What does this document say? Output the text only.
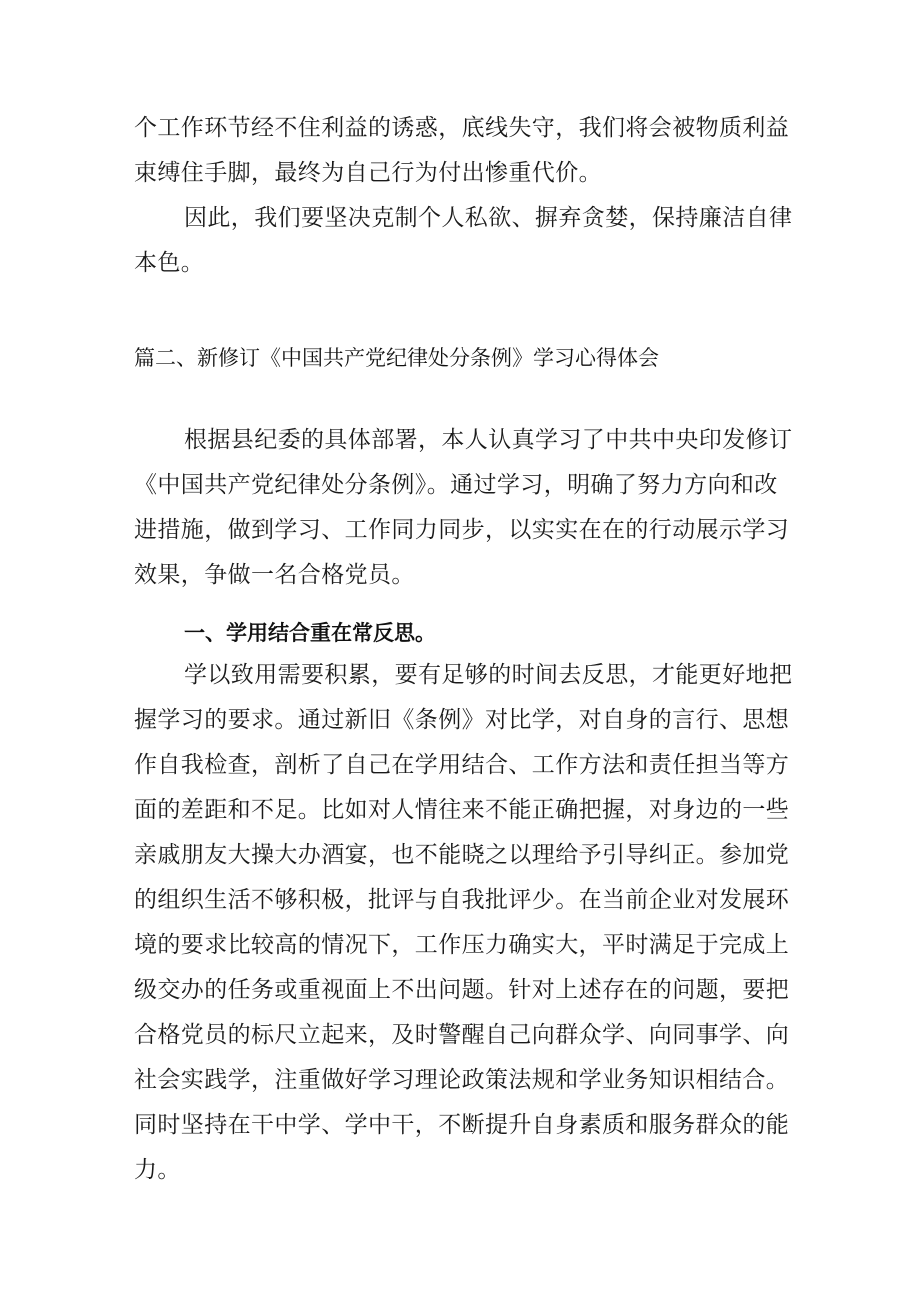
个工作环节经不住利益的诱惑，底线失守，我们将会被物质利益
束缚住手脚，最终为自己行为付出惨重代价。

因此，我们要坚决克制个人私欲、摒弃贪婪，保持廉洁自律
本色。

篇二、新修订《中国共产党纪律处分条例》学习心得体会

根据县纪委的具体部署，本人认真学习了中共中央印发修订
《中国共产党纪律处分条例》。通过学习，明确了努力方向和改
进措施，做到学习、工作同力同步，以实实在在的行动展示学习
效果，争做一名合格党员。

一、学用结合重在常反思。

学以致用需要积累，要有足够的时间去反思，才能更好地把
握学习的要求。通过新旧《条例》对比学，对自身的言行、思想
作自我检查，剖析了自己在学用结合、工作方法和责任担当等方
面的差距和不足。比如对人情往来不能正确把握，对身边的一些
亲戚朋友大操大办酒宴，也不能晓之以理给予引导纠正。参加党
的组织生活不够积极，批评与自我批评少。在当前企业对发展环
境的要求比较高的情况下，工作压力确实大，平时满足于完成上
级交办的任务或重视面上不出问题。针对上述存在的问题，要把
合格党员的标尺立起来，及时警醒自己向群众学、向同事学、向
社会实践学，注重做好学习理论政策法规和学业务知识相结合。
同时坚持在干中学、学中干，不断提升自身素质和服务群众的能
力。
